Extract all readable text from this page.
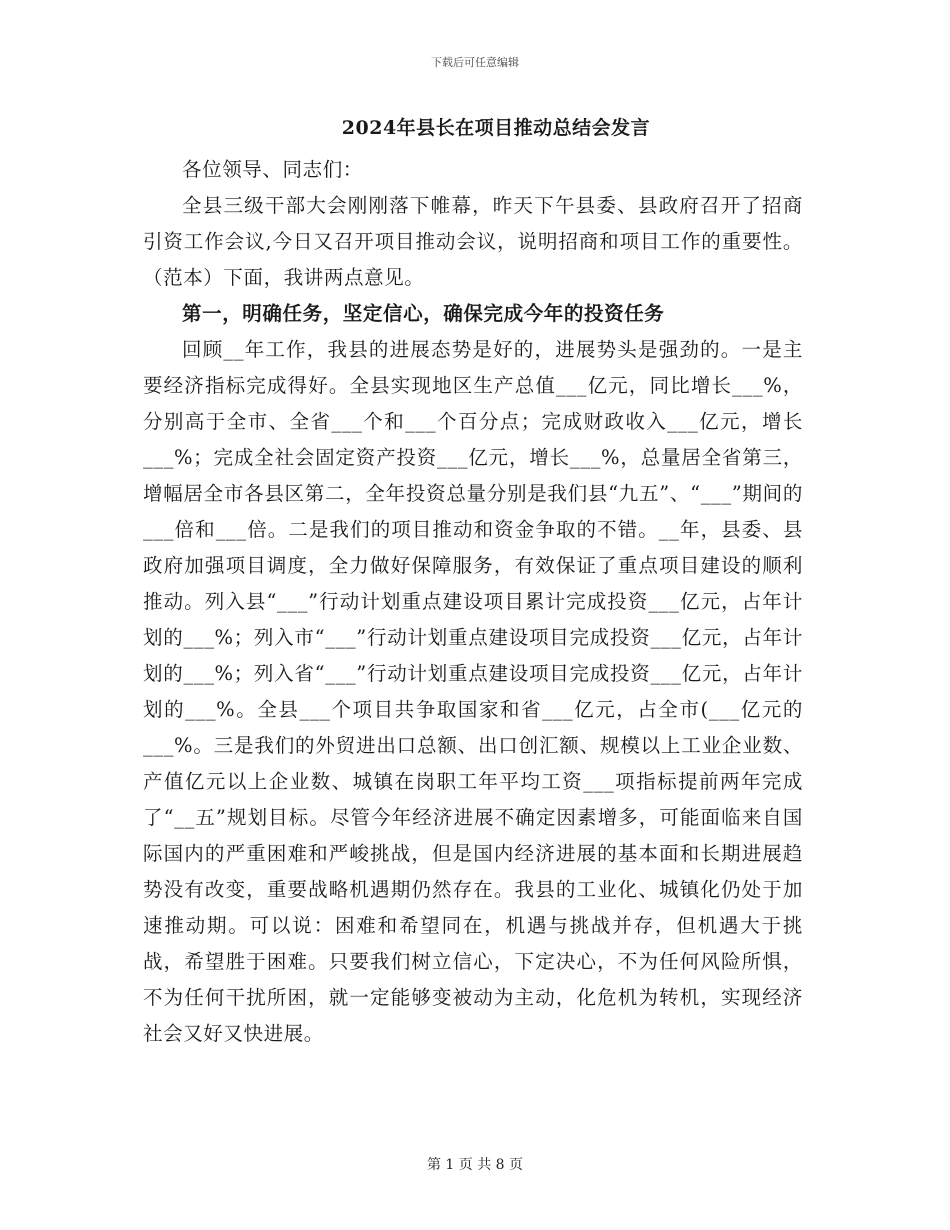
下载后可任意编辑
2024年县长在项目推动总结会发言

各位领导、同志们：

全县三级干部大会刚刚落下帷幕，昨天下午县委、县政府召开了招商引资工作会议,今日又召开项目推动会议，说明招商和项目工作的重要性。（范本）下面，我讲两点意见。

第一，明确任务，坚定信心，确保完成今年的投资任务

回顾__年工作，我县的进展态势是好的，进展势头是强劲的。一是主要经济指标完成得好。全县实现地区生产总值___亿元，同比增长___%，分别高于全市、全省___个和___个百分点；完成财政收入___亿元，增长___%；完成全社会固定资产投资___亿元，增长___%，总量居全省第三，增幅居全市各县区第二，全年投资总量分别是我们县“九五”、“___”期间的___倍和___倍。二是我们的项目推动和资金争取的不错。__年，县委、县政府加强项目调度，全力做好保障服务，有效保证了重点项目建设的顺利推动。列入县“___”行动计划重点建设项目累计完成投资___亿元，占年计划的___%；列入市“___”行动计划重点建设项目完成投资___亿元，占年计划的___%；列入省“___”行动计划重点建设项目完成投资___亿元，占年计划的___%。全县___个项目共争取国家和省___亿元，占全市(___亿元的___%。三是我们的外贸进出口总额、出口创汇额、规模以上工业企业数、产值亿元以上企业数、城镇在岗职工年平均工资___项指标提前两年完成了“__五”规划目标。尽管今年经济进展不确定因素增多，可能面临来自国际国内的严重困难和严峻挑战，但是国内经济进展的基本面和长期进展趋势没有改变，重要战略机遇期仍然存在。我县的工业化、城镇化仍处于加速推动期。可以说：困难和希望同在，机遇与挑战并存，但机遇大于挑战，希望胜于困难。只要我们树立信心，下定决心，不为任何风险所惧，不为任何干扰所困，就一定能够变被动为主动，化危机为转机，实现经济社会又好又快进展。

第 1 页 共 8 页
